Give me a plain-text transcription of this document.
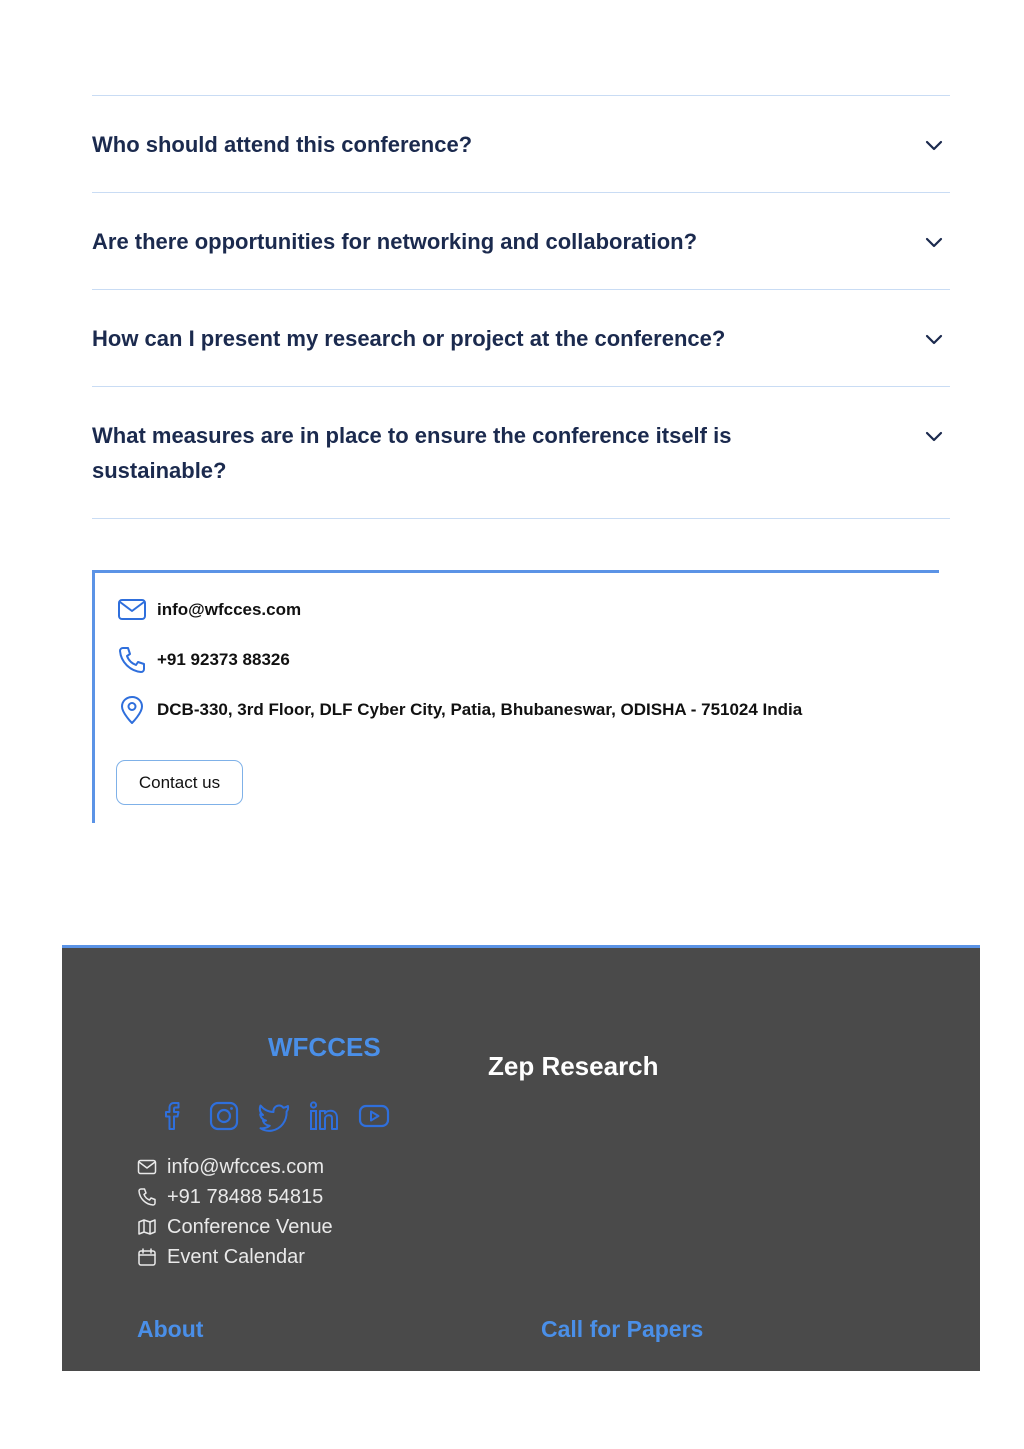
Who should attend this conference?
Are there opportunities for networking and collaboration?
How can I present my research or project at the conference?
What measures are in place to ensure the conference itself is sustainable?
info@wfcces.com
+91 92373 88326
DCB-330, 3rd Floor, DLF Cyber City, Patia, Bhubaneswar, ODISHA - 751024 India
Contact us
WFCCES
Zep Research
info@wfcces.com
+91 78488 54815
Conference Venue
Event Calendar
About	Call for Papers
